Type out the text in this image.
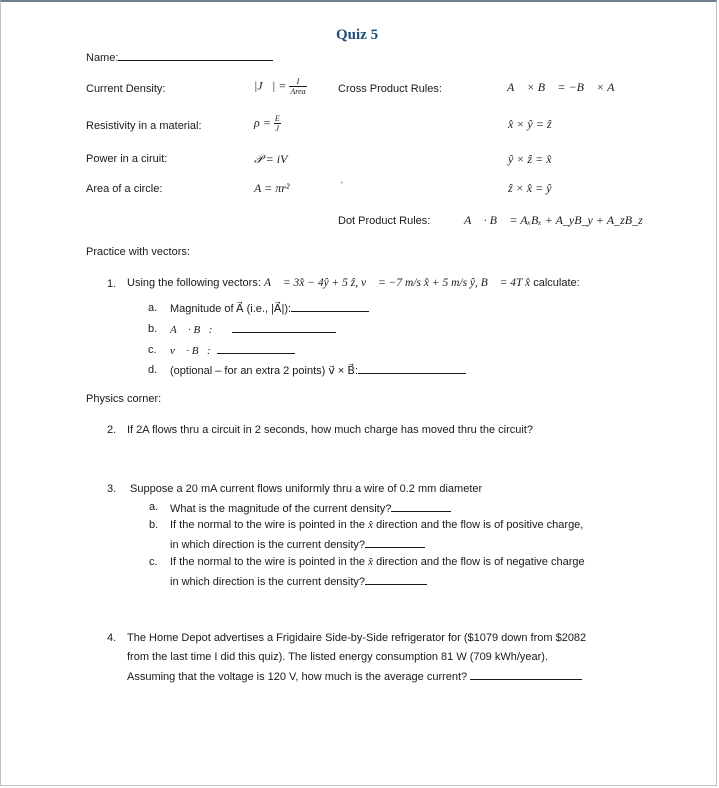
Quiz 5
Name:
Current Density:	|J⃗| = $\frac{I}{\text{Area}}$
Resistivity in a material:	$\rho = \frac{E}{J}$
Power in a ciruit:	𝒫 = iV
Area of a circle:	A = πr²	`
Cross Product Rules:	A⃗ × B⃗ = −B⃗ × A⃗
x̂ × ŷ = ẑ
ŷ × ẑ = x̂
ẑ × x̂ = ŷ
Dot Product Rules:	A⃗ · B⃗ = AₓBₓ + A_yB_y + A_zB_z
Practice with vectors:
1. Using the following vectors: A⃗ = 3x̂ − 4ŷ + 5 ẑ, v⃗ = −7 m/s x̂ + 5 m/s ŷ, B⃗ = 4T x̂ calculate:
a. Magnitude of A⃗ (i.e., |A⃗|):
b. A⃗ · B⃗:
c. v⃗ · B⃗:
d. (optional – for an extra 2 points) v⃗ × B⃗:
Physics corner:
2. If 2A flows thru a circuit in 2 seconds, how much charge has moved thru the circuit?
3. Suppose a 20 mA current flows uniformly thru a wire of 0.2 mm diameter
a. What is the magnitude of the current density?
b. If the normal to the wire is pointed in the x̂ direction and the flow is of positive charge,
in which direction is the current density?
c. If the normal to the wire is pointed in the x̂ direction and the flow is of negative charge
in which direction is the current density?
4. The Home Depot advertises a Frigidaire Side-by-Side refrigerator for ($1079 down from $2082
from the last time I did this quiz). The listed energy consumption 81 W (709 kWh/year).
Assuming that the voltage is 120 V, how much is the average current?
